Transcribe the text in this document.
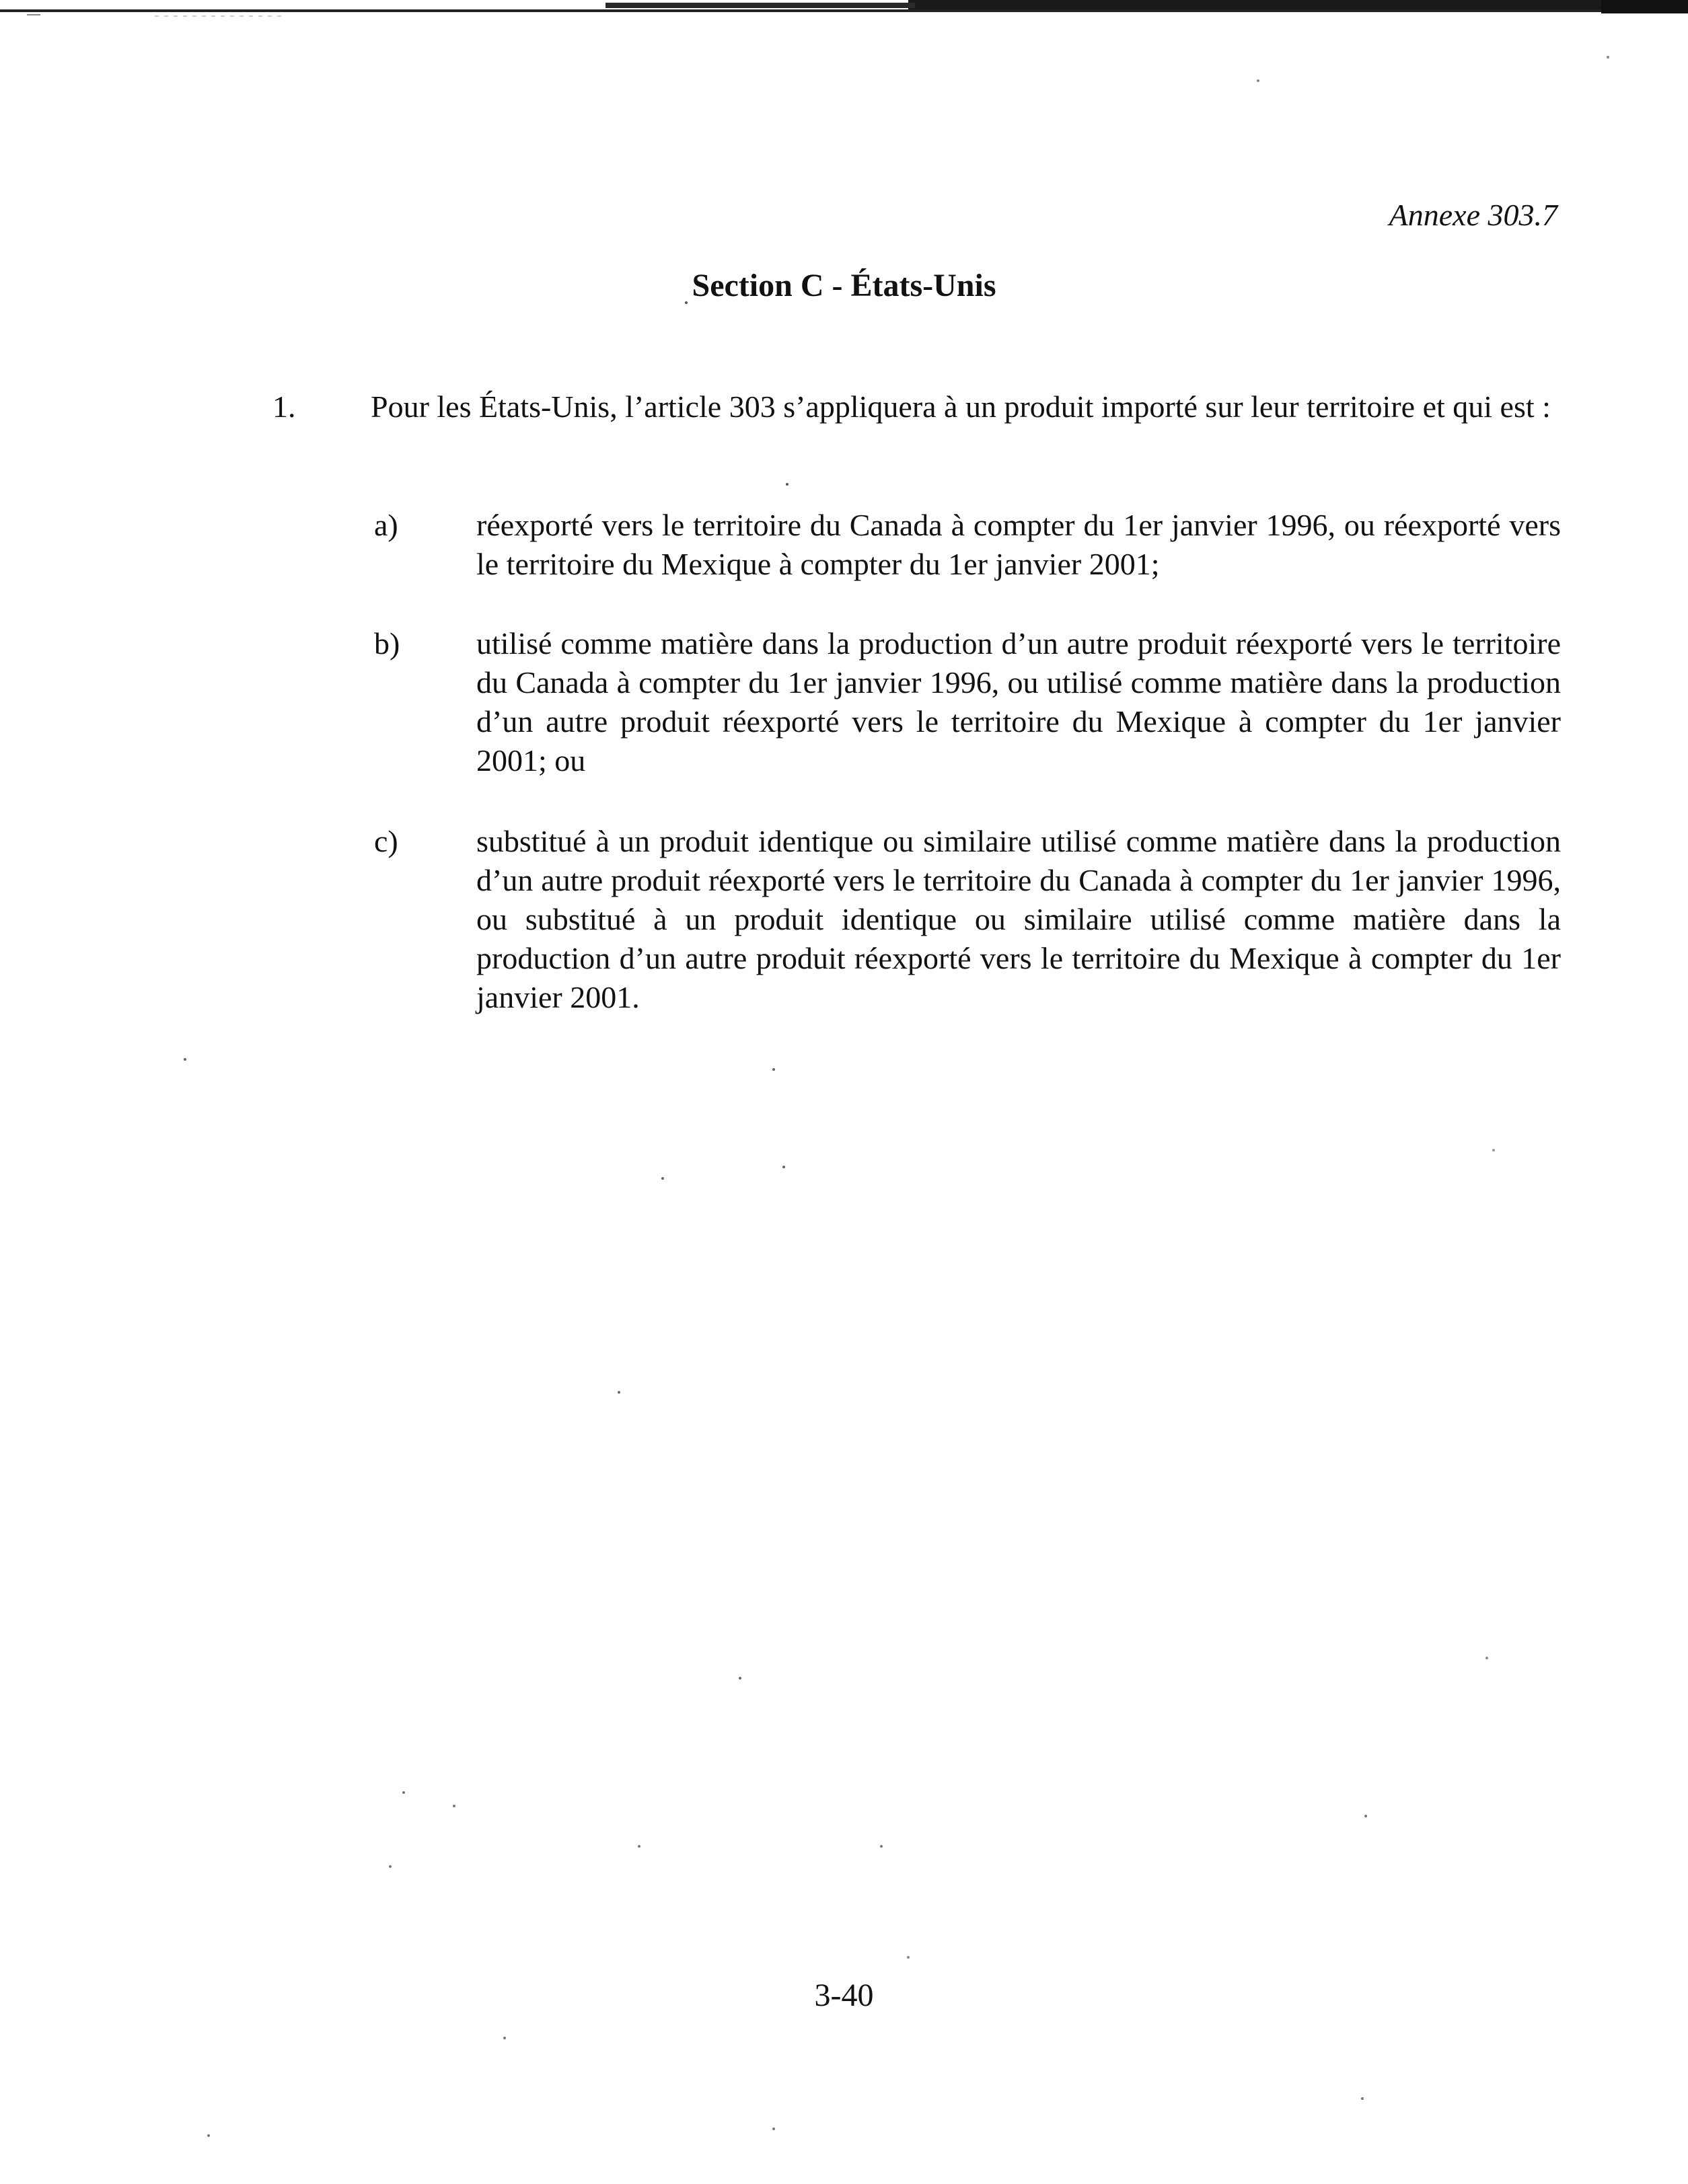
Annexe 303.7
Section C - États-Unis
1. Pour les États-Unis, l’article 303 s’appliquera à un produit importé sur leur territoire et qui est :
a)	réexporté vers le territoire du Canada à compter du 1er janvier 1996, ou réexporté vers le territoire du Mexique à compter du 1er janvier 2001;
b)	utilisé comme matière dans la production d’un autre produit réexporté vers le territoire du Canada à compter du 1er janvier 1996, ou utilisé comme matière dans la production d’un autre produit réexporté vers le territoire du Mexique à compter du 1er janvier 2001; ou
c)	substitué à un produit identique ou similaire utilisé comme matière dans la production d’un autre produit réexporté vers le territoire du Canada à compter du 1er janvier 1996, ou substitué à un produit identique ou similaire utilisé comme matière dans la production d’un autre produit réexporté vers le territoire du Mexique à compter du 1er janvier 2001.
3-40
